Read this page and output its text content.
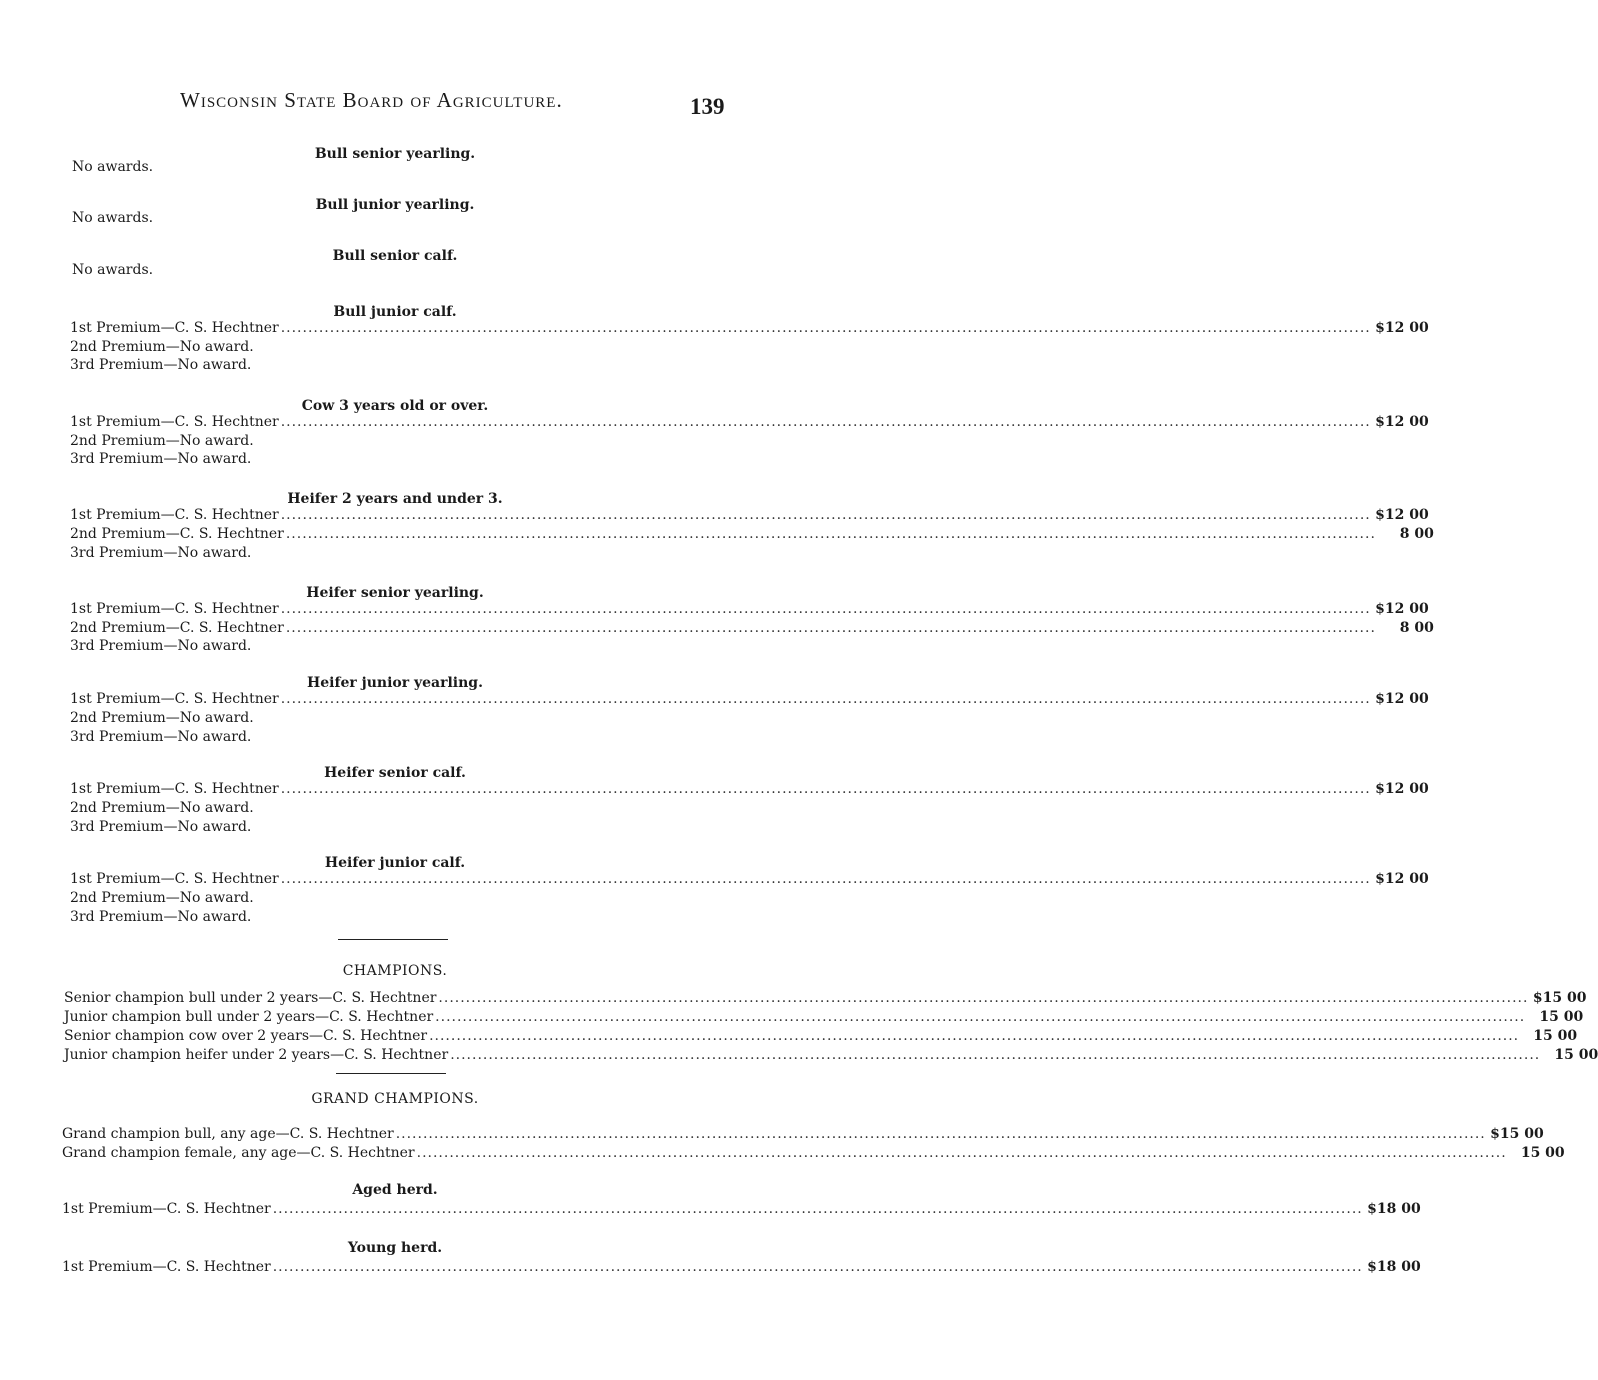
Wisconsin State Board of Agriculture.	139
Bull senior yearling.
No awards.
Bull junior yearling.
No awards.
Bull senior calf.
No awards.
Bull junior calf.
1st Premium—C. S. Hechtner ........................................................................................................................................................................................................ $12 00
2nd Premium—No award.
3rd Premium—No award.
Cow 3 years old or over.
1st Premium—C. S. Hechtner ........................................................................................................................................................................................................ $12 00
2nd Premium—No award.
3rd Premium—No award.
Heifer 2 years and under 3.
1st Premium—C. S. Hechtner ........................................................................................................................................................................................................ $12 00
2nd Premium—C. S. Hechtner ........................................................................................................................................................................................................	8 00
3rd Premium—No award.
Heifer senior yearling.
1st Premium—C. S. Hechtner ........................................................................................................................................................................................................ $12 00
2nd Premium—C. S. Hechtner ........................................................................................................................................................................................................	8 00
3rd Premium—No award.
Heifer junior yearling.
1st Premium—C. S. Hechtner ........................................................................................................................................................................................................ $12 00
2nd Premium—No award.
3rd Premium—No award.
Heifer senior calf.
1st Premium—C. S. Hechtner ........................................................................................................................................................................................................ $12 00
2nd Premium—No award.
3rd Premium—No award.
Heifer junior calf.
1st Premium—C. S. Hechtner ........................................................................................................................................................................................................ $12 00
2nd Premium—No award.
3rd Premium—No award.
CHAMPIONS.
Senior champion bull under 2 years—C. S. Hechtner ........................................................................................................................................................................................................ $15 00
Junior champion bull under 2 years—C. S. Hechtner ........................................................................................................................................................................................................	15 00
Senior champion cow over 2 years—C. S. Hechtner ........................................................................................................................................................................................................	15 00
Junior champion heifer under 2 years—C. S. Hechtner ........................................................................................................................................................................................................	15 00
GRAND CHAMPIONS.
Grand champion bull, any age—C. S. Hechtner ........................................................................................................................................................................................................ $15 00
Grand champion female, any age—C. S. Hechtner ........................................................................................................................................................................................................	15 00
Aged herd.
1st Premium—C. S. Hechtner ........................................................................................................................................................................................................ $18 00
Young herd.
1st Premium—C. S. Hechtner ........................................................................................................................................................................................................ $18 00
